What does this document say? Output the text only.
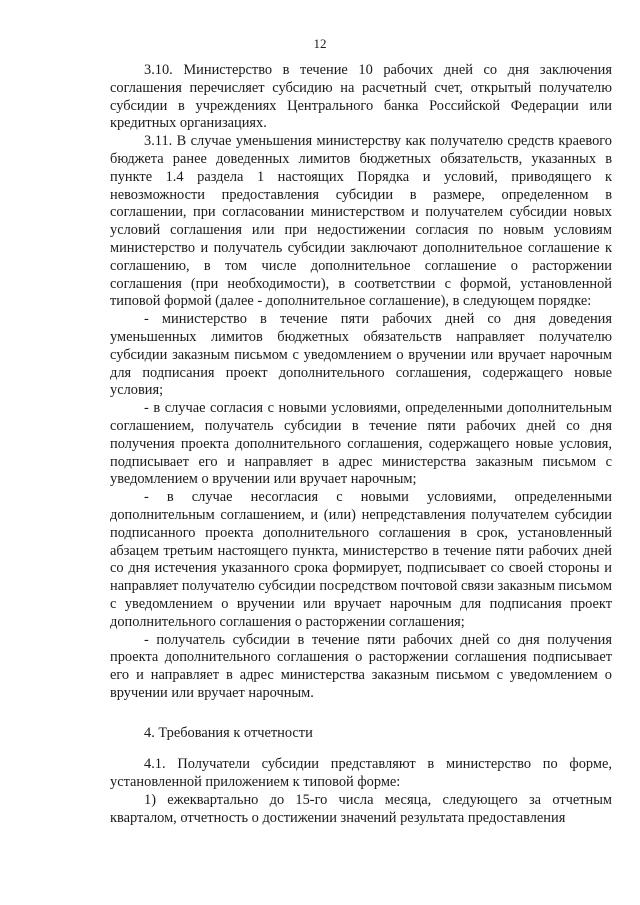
12

3.10. Министерство в течение 10 рабочих дней со дня заключения соглашения перечисляет субсидию на расчетный счет, открытый получателю субсидии в учреждениях Центрального банка Российской Федерации или кредитных организациях.

3.11. В случае уменьшения министерству как получателю средств краевого бюджета ранее доведенных лимитов бюджетных обязательств, указанных в пункте 1.4 раздела 1 настоящих Порядка и условий, приводящего к невозможности предоставления субсидии в размере, определенном в соглашении, при согласовании министерством и получателем субсидии новых условий соглашения или при недостижении согласия по новым условиям министерство и получатель субсидии заключают дополнительное соглашение к соглашению, в том числе дополнительное соглашение о расторжении соглашения (при необходимости), в соответствии с формой, установленной типовой формой (далее - дополнительное соглашение), в следующем порядке:

- министерство в течение пяти рабочих дней со дня доведения уменьшенных лимитов бюджетных обязательств направляет получателю субсидии заказным письмом с уведомлением о вручении или вручает нарочным для подписания проект дополнительного соглашения, содержащего новые условия;

- в случае согласия с новыми условиями, определенными дополнительным соглашением, получатель субсидии в течение пяти рабочих дней со дня получения проекта дополнительного соглашения, содержащего новые условия, подписывает его и направляет в адрес министерства заказным письмом с уведомлением о вручении или вручает нарочным;

- в случае несогласия с новыми условиями, определенными дополнительным соглашением, и (или) непредставления получателем субсидии подписанного проекта дополнительного соглашения в срок, установленный абзацем третьим настоящего пункта, министерство в течение пяти рабочих дней со дня истечения указанного срока формирует, подписывает со своей стороны и направляет получателю субсидии посредством почтовой связи заказным письмом с уведомлением о вручении или вручает нарочным для подписания проект дополнительного соглашения о расторжении соглашения;

- получатель субсидии в течение пяти рабочих дней со дня получения проекта дополнительного соглашения о расторжении соглашения подписывает его и направляет в адрес министерства заказным письмом с уведомлением о вручении или вручает нарочным.

4. Требования к отчетности

4.1. Получатели субсидии представляют в министерство по форме, установленной приложением к типовой форме:

1) ежеквартально до 15-го числа месяца, следующего за отчетным кварталом, отчетность о достижении значений результата предоставления
